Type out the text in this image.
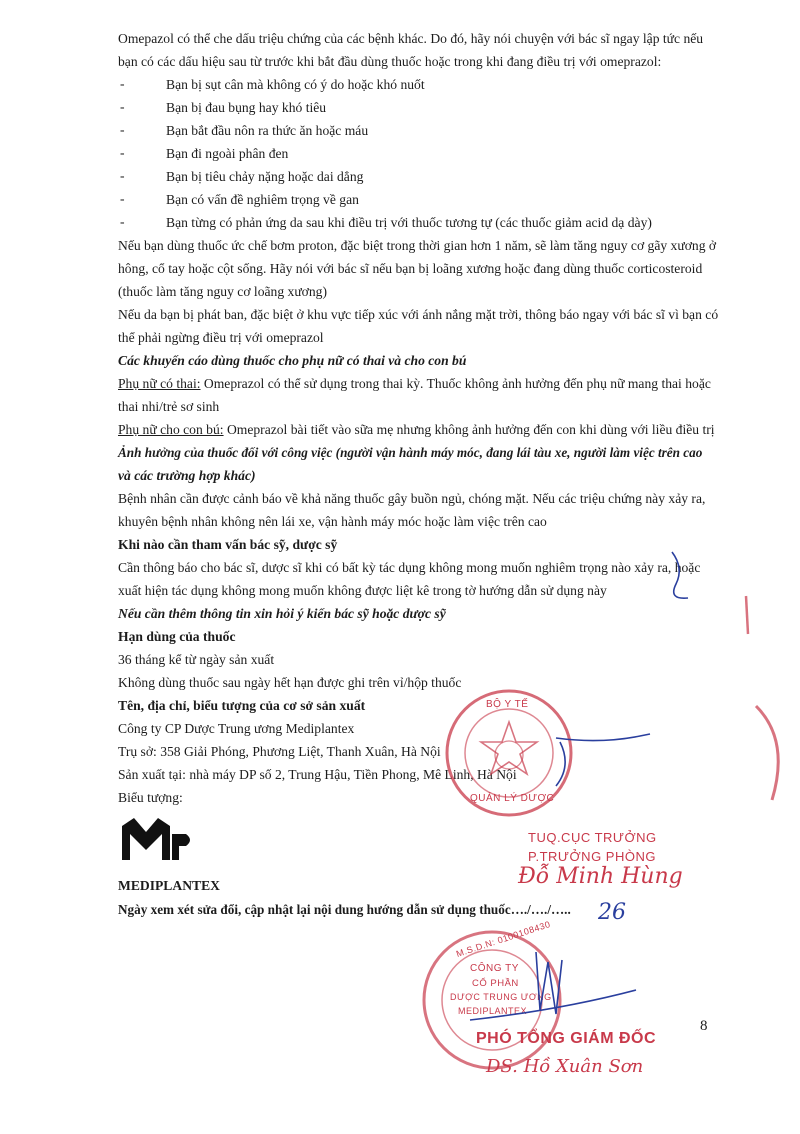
Omepazol có thể che dấu triệu chứng của các bệnh khác. Do đó, hãy nói chuyện với bác sĩ ngay lập tức nếu
bạn có các dấu hiệu sau từ trước khi bắt đầu dùng thuốc hoặc trong khi đang điều trị với omeprazol:
-	Bạn bị sụt cân mà không có ý do hoặc khó nuốt
-	Bạn bị đau bụng hay khó tiêu
-	Bạn bắt đầu nôn ra thức ăn hoặc máu
-	Bạn đi ngoài phân đen
-	Bạn bị tiêu chảy nặng hoặc dai dẳng
-	Bạn có vấn đề nghiêm trọng về gan
-	Bạn từng có phản ứng da sau khi điều trị với thuốc tương tự (các thuốc giảm acid dạ dày)
Nếu bạn dùng thuốc ức chế bơm proton, đặc biệt trong thời gian hơn 1 năm, sẽ làm tăng nguy cơ gãy xương ở
hông, cổ tay hoặc cột sống. Hãy nói với bác sĩ nếu bạn bị loãng xương hoặc đang dùng thuốc corticosteroid
(thuốc làm tăng nguy cơ loãng xương)
Nếu da bạn bị phát ban, đặc biệt ở khu vực tiếp xúc với ánh nắng mặt trời, thông báo ngay với bác sĩ vì bạn có
thể phải ngừng điều trị với omeprazol
Các khuyến cáo dùng thuốc cho phụ nữ có thai và cho con bú
Phụ nữ có thai: Omeprazol có thể sử dụng trong thai kỳ. Thuốc không ảnh hưởng đến phụ nữ mang thai hoặc
thai nhi/trẻ sơ sinh
Phụ nữ cho con bú: Omeprazol bài tiết vào sữa mẹ nhưng không ảnh hưởng đến con khi dùng với liều điều trị
Ảnh hưởng của thuốc đối với công việc (người vận hành máy móc, đang lái tàu xe, người làm việc trên cao
và các trường hợp khác)
Bệnh nhân cần được cảnh báo về khả năng thuốc gây buồn ngủ, chóng mặt. Nếu các triệu chứng này xảy ra,
khuyên bệnh nhân không nên lái xe, vận hành máy móc hoặc làm việc trên cao
Khi nào cần tham vấn bác sỹ, dược sỹ
Cần thông báo cho bác sĩ, dược sĩ khi có bất kỳ tác dụng không mong muốn nghiêm trọng nào xảy ra, hoặc
xuất hiện tác dụng không mong muốn không được liệt kê trong tờ hướng dẫn sử dụng này
Nếu cần thêm thông tin xin hỏi ý kiến bác sỹ hoặc dược sỹ
Hạn dùng của thuốc
36 tháng kể từ ngày sản xuất
Không dùng thuốc sau ngày hết hạn được ghi trên vỉ/hộp thuốc
Tên, địa chỉ, biểu tượng của cơ sở sản xuất
Công ty CP Dược Trung ương Mediplantex
Trụ sở: 358 Giải Phóng, Phương Liệt, Thanh Xuân, Hà Nội
Sản xuất tại: nhà máy DP số 2, Trung Hậu, Tiền Phong, Mê Linh, Hà Nội
Biểu tượng:
MEDIPLANTEX
Ngày xem xét sửa đổi, cập nhật lại nội dung hướng dẫn sử dụng thuốc…./…./…..
BỘ Y TẾ
QUẢN LÝ DƯỢC
TUQ.CỤC TRƯỞNG
P.TRƯỞNG PHÒNG
Đỗ Minh Hùng
M.S.D.N: 0100108430
CÔNG TY
CỔ PHẦN
DƯỢC TRUNG ƯƠNG
MEDIPLANTEX
PHÓ TỔNG GIÁM ĐỐC
DS. Hồ Xuân Sơn
26
8
